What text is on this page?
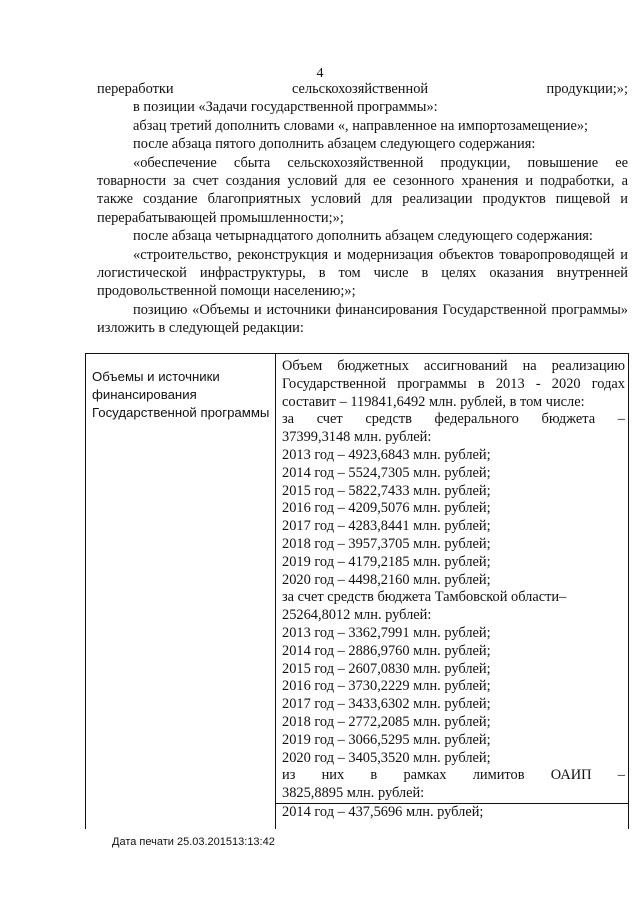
4

переработки сельскохозяйственной продукции;»;

в позиции «Задачи государственной программы»:

абзац третий дополнить словами «, направленное на импортозамещение»;

после абзаца пятого дополнить абзацем следующего содержания:

«обеспечение сбыта сельскохозяйственной продукции, повышение ее товарности за счет создания условий для ее сезонного хранения и подработки, а также создание благоприятных условий для реализации продуктов пищевой и перерабатывающей промышленности;»;

после абзаца четырнадцатого дополнить абзацем следующего содержания:

«строительство, реконструкция и модернизация объектов товаропроводящей и логистической инфраструктуры, в том числе в целях оказания внутренней продовольственной помощи населению;»;

позицию «Объемы и источники финансирования Государственной программы» изложить в следующей редакции:

Объемы и источники финансирования Государственной программы
Объем бюджетных ассигнований на реализацию
Государственной программы в 2013 - 2020 годах
составит – 119841,6492 млн. рублей, в том числе:
за счет средств федерального бюджета –
37399,3148 млн. рублей:
2013 год – 4923,6843 млн. рублей;
2014 год – 5524,7305 млн. рублей;
2015 год – 5822,7433 млн. рублей;
2016 год – 4209,5076 млн. рублей;
2017 год – 4283,8441 млн. рублей;
2018 год – 3957,3705 млн. рублей;
2019 год – 4179,2185 млн. рублей;
2020 год – 4498,2160 млн. рублей;
за счет средств бюджета Тамбовской области–
25264,8012 млн. рублей:
2013 год – 3362,7991 млн. рублей;
2014 год – 2886,9760 млн. рублей;
2015 год – 2607,0830 млн. рублей;
2016 год – 3730,2229 млн. рублей;
2017 год – 3433,6302 млн. рублей;
2018 год – 2772,2085 млн. рублей;
2019 год – 3066,5295 млн. рублей;
2020 год – 3405,3520 млн. рублей;
из них в рамках лимитов ОАИП –
3825,8895 млн. рублей:
2014 год – 437,5696 млн. рублей;
Дата печати 25.03.201513:13:42
